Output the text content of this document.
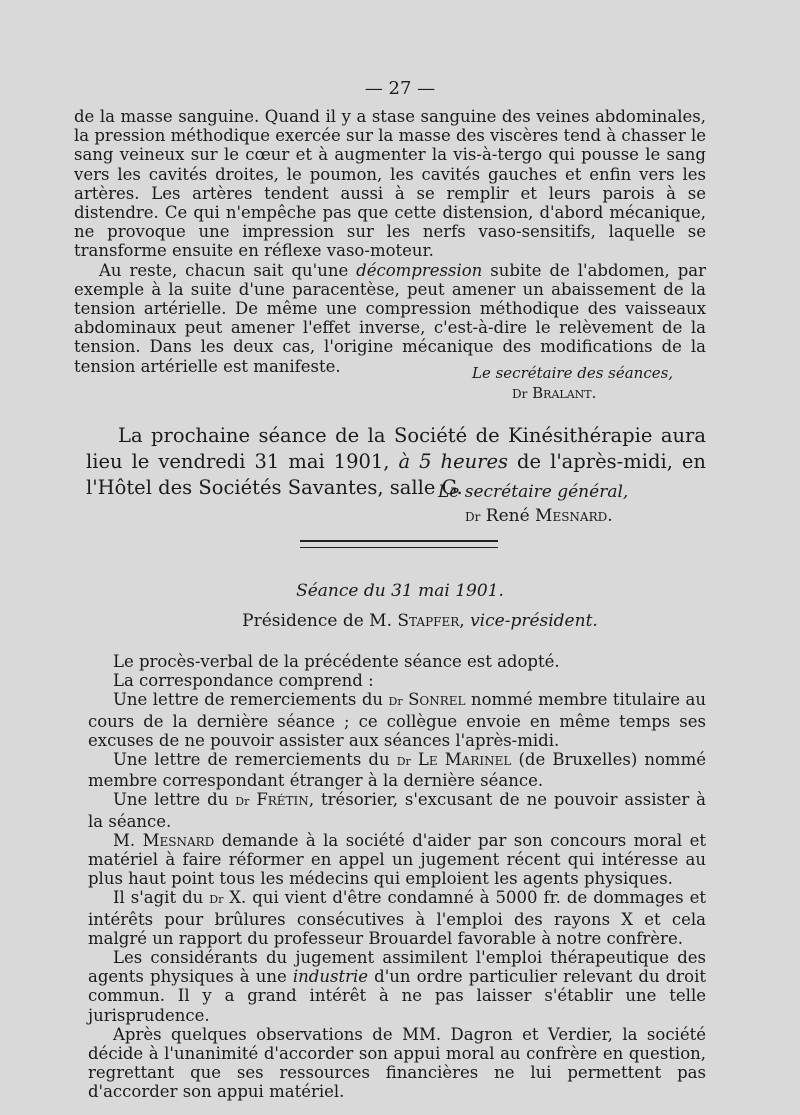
— 27 —

de la masse sanguine. Quand il y a stase sanguine des veines abdominales, la pression méthodique exercée sur la masse des viscères tend à chasser le sang veineux sur le cœur et à augmenter la vis-à-tergo qui pousse le sang vers les cavités droites, le poumon, les cavités gauches et enfin vers les artères. Les artères tendent aussi à se remplir et leurs parois à se distendre. Ce qui n'empêche pas que cette distension, d'abord mécanique, ne provoque une impression sur les nerfs vaso-sensitifs, laquelle se transforme ensuite en réflexe vaso-moteur.

Au reste, chacun sait qu'une décompression subite de l'abdomen, par exemple à la suite d'une paracentèse, peut amener un abaissement de la tension artérielle. De même une compression méthodique des vaisseaux abdominaux peut amener l'effet inverse, c'est-à-dire le relèvement de la tension. Dans les deux cas, l'origine mécanique des modifications de la tension artérielle est manifeste.	Le secrétaire des séances,
Dr Bralant.

La prochaine séance de la Société de Kinésithérapie aura lieu le vendredi 31 mai 1901, à 5 heures de l'après-midi, en l'Hôtel des Sociétés Savantes, salle G.

Le secrétaire général,
Dr René Mesnard.
Séance du 31 mai 1901.
Présidence de M. Stapfer, vice-président.

Le procès-verbal de la précédente séance est adopté.

La correspondance comprend :

Une lettre de remerciements du Dr Sonrel nommé membre titulaire au cours de la dernière séance ; ce collègue envoie en même temps ses excuses de ne pouvoir assister aux séances l'après-midi.

Une lettre de remerciements du Dr Le Marinel (de Bruxelles) nommé membre correspondant étranger à la dernière séance.

Une lettre du Dr Frétin, trésorier, s'excusant de ne pouvoir assister à la séance.

M. Mesnard demande à la société d'aider par son concours moral et matériel à faire réformer en appel un jugement récent qui intéresse au plus haut point tous les médecins qui emploient les agents physiques.

Il s'agit du Dr X. qui vient d'être condamné à 5000 fr. de dommages et intérêts pour brûlures consécutives à l'emploi des rayons X et cela malgré un rapport du professeur Brouardel favorable à notre confrère.

Les considérants du jugement assimilent l'emploi thérapeutique des agents physiques à une industrie d'un ordre particulier relevant du droit commun. Il y a grand intérêt à ne pas laisser s'établir une telle jurisprudence.

Après quelques observations de MM. Dagron et Verdier, la société décide à l'unanimité d'accorder son appui moral au confrère en question, regrettant que ses ressources financières ne lui permettent pas d'accorder son appui matériel.
